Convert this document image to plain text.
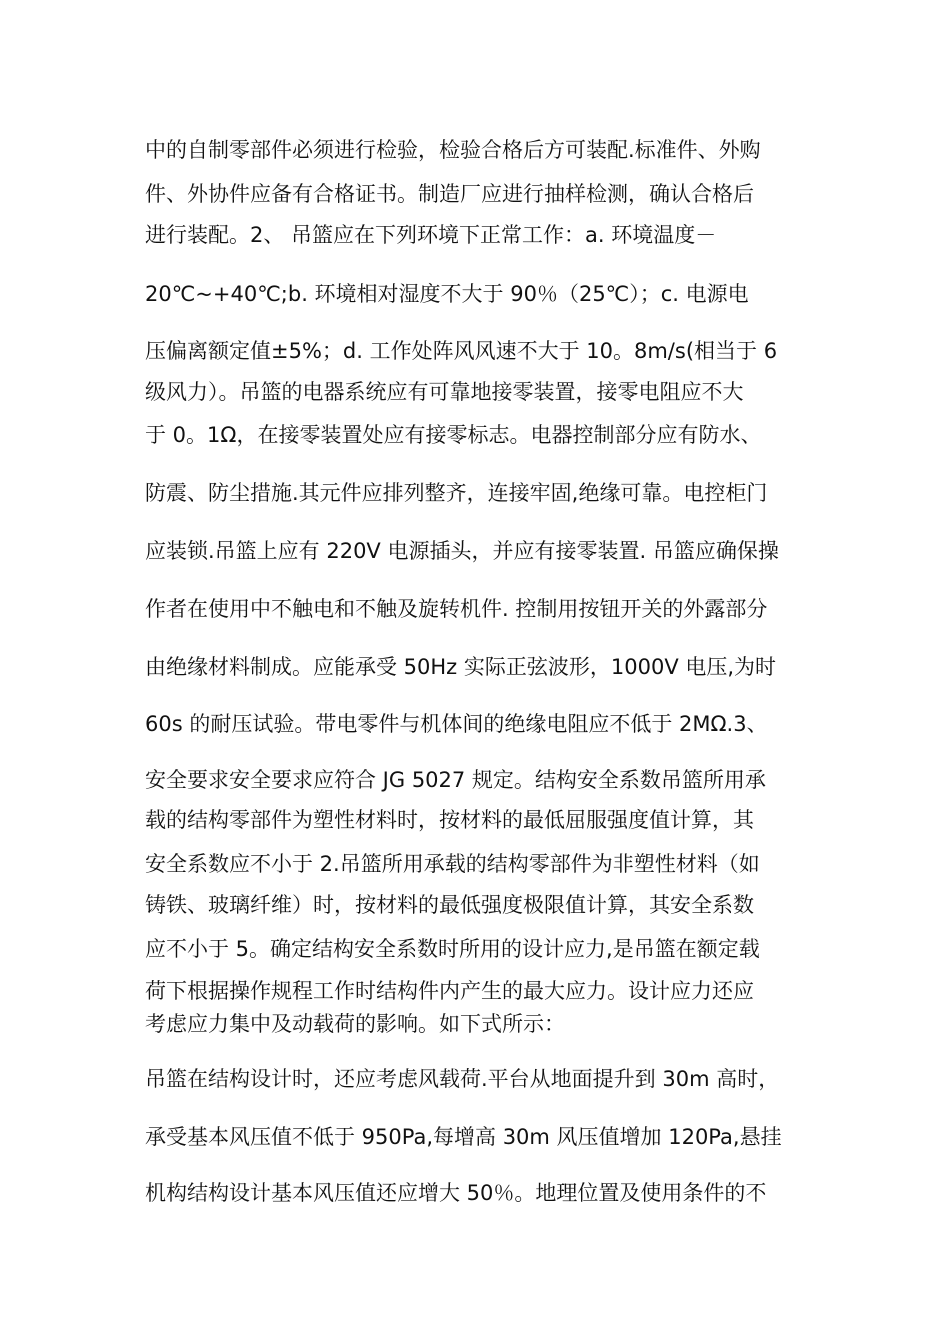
中的自制零部件必须进行检验，检验合格后方可装配.标准件、外购
件、外协件应备有合格证书。制造厂应进行抽样检测，确认合格后
进行装配。2、 吊篮应在下列环境下正常工作：a. 环境温度－
20℃~+40℃;b. 环境相对湿度不大于 90％（25℃）；c. 电源电
压偏离额定值±5%；d. 工作处阵风风速不大于 10。8m/s(相当于 6
级风力）。吊篮的电器系统应有可靠地接零装置，接零电阻应不大
于 0。1Ω，在接零装置处应有接零标志。电器控制部分应有防水、
防震、防尘措施.其元件应排列整齐，连接牢固,绝缘可靠。电控柜门
应装锁.吊篮上应有 220V 电源插头，并应有接零装置. 吊篮应确保操
作者在使用中不触电和不触及旋转机件. 控制用按钮开关的外露部分
由绝缘材料制成。应能承受 50Hz 实际正弦波形，1000V 电压,为时
60s 的耐压试验。带电零件与机体间的绝缘电阻应不低于 2MΩ.3、
安全要求安全要求应符合 JG 5027 规定。结构安全系数吊篮所用承
载的结构零部件为塑性材料时，按材料的最低屈服强度值计算，其
安全系数应不小于 2.吊篮所用承载的结构零部件为非塑性材料（如
铸铁、玻璃纤维）时，按材料的最低强度极限值计算，其安全系数
应不小于 5。确定结构安全系数时所用的设计应力,是吊篮在额定载
荷下根据操作规程工作时结构件内产生的最大应力。设计应力还应
考虑应力集中及动载荷的影响。如下式所示：
吊篮在结构设计时，还应考虑风载荷.平台从地面提升到 30m 高时，
承受基本风压值不低于 950Pa,每增高 30m 风压值增加 120Pa,悬挂
机构结构设计基本风压值还应增大 50％。地理位置及使用条件的不
